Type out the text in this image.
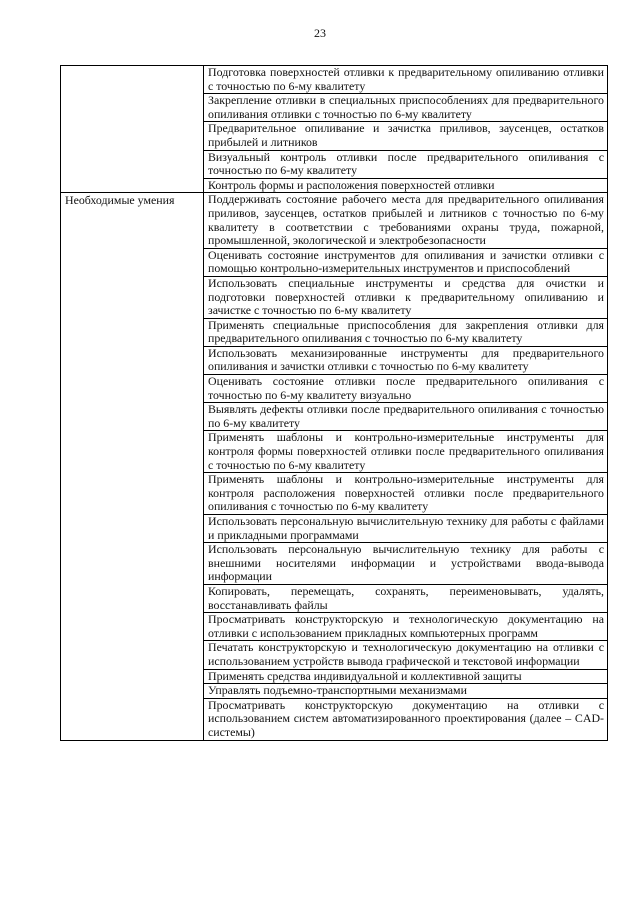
23
	Подготовка поверхностей отливки к предварительному опиливанию отливки с точностью по 6-му квалитету
	Закрепление отливки в специальных приспособлениях для предварительного опиливания отливки с точностью по 6-му квалитету
	Предварительное опиливание и зачистка приливов, заусенцев, остатков прибылей и литников
	Визуальный контроль отливки после предварительного опиливания с точностью по 6-му квалитету
	Контроль формы и расположения поверхностей отливки
Необходимые умения	Поддерживать состояние рабочего места для предварительного опиливания приливов, заусенцев, остатков прибылей и литников с точностью по 6-му квалитету в соответствии с требованиями охраны труда, пожарной, промышленной, экологической и электробезопасности
	Оценивать состояние инструментов для опиливания и зачистки отливки с помощью контрольно-измерительных инструментов и приспособлений
	Использовать специальные инструменты и средства для очистки и подготовки поверхностей отливки к предварительному опиливанию и зачистке с точностью по 6-му квалитету
	Применять специальные приспособления для закрепления отливки для предварительного опиливания с точностью по 6-му квалитету
	Использовать механизированные инструменты для предварительного опиливания и зачистки отливки с точностью по 6-му квалитету
	Оценивать состояние отливки после предварительного опиливания с точностью по 6-му квалитету визуально
	Выявлять дефекты отливки после предварительного опиливания с точностью по 6-му квалитету
	Применять шаблоны и контрольно-измерительные инструменты для контроля формы поверхностей отливки после предварительного опиливания с точностью по 6-му квалитету
	Применять шаблоны и контрольно-измерительные инструменты для контроля расположения поверхностей отливки после предварительного опиливания с точностью по 6-му квалитету
	Использовать персональную вычислительную технику для работы с файлами и прикладными программами
	Использовать персональную вычислительную технику для работы с внешними носителями информации и устройствами ввода-вывода информации
	Копировать, перемещать, сохранять, переименовывать, удалять, восстанавливать файлы
	Просматривать конструкторскую и технологическую документацию на отливки с использованием прикладных компьютерных программ
	Печатать конструкторскую и технологическую документацию на отливки с использованием устройств вывода графической и текстовой информации
	Применять средства индивидуальной и коллективной защиты
	Управлять подъемно-транспортными механизмами
	Просматривать конструкторскую документацию на отливки с использованием систем автоматизированного проектирования (далее – CAD-системы)
